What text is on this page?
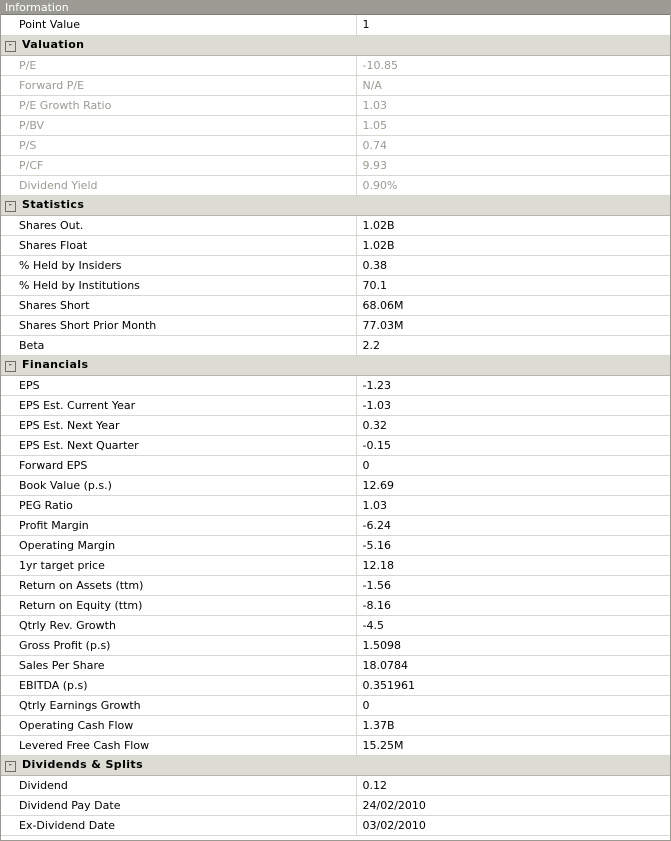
Information
Point Value	1
- Valuation	
P/E	-10.85
Forward P/E	N/A
P/E Growth Ratio	1.03
P/BV	1.05
P/S	0.74
P/CF	9.93
Dividend Yield	0.90%
- Statistics	
Shares Out.	1.02B
Shares Float	1.02B
% Held by Insiders	0.38
% Held by Institutions	70.1
Shares Short	68.06M
Shares Short Prior Month	77.03M
Beta	2.2
- Financials	
EPS	-1.23
EPS Est. Current Year	-1.03
EPS Est. Next Year	0.32
EPS Est. Next Quarter	-0.15
Forward EPS	0
Book Value (p.s.)	12.69
PEG Ratio	1.03
Profit Margin	-6.24
Operating Margin	-5.16
1yr target price	12.18
Return on Assets (ttm)	-1.56
Return on Equity (ttm)	-8.16
Qtrly Rev. Growth	-4.5
Gross Profit (p.s)	1.5098
Sales Per Share	18.0784
EBITDA (p.s)	0.351961
Qtrly Earnings Growth	0
Operating Cash Flow	1.37B
Levered Free Cash Flow	15.25M
- Dividends & Splits	
Dividend	0.12
Dividend Pay Date	24/02/2010
Ex-Dividend Date	03/02/2010
